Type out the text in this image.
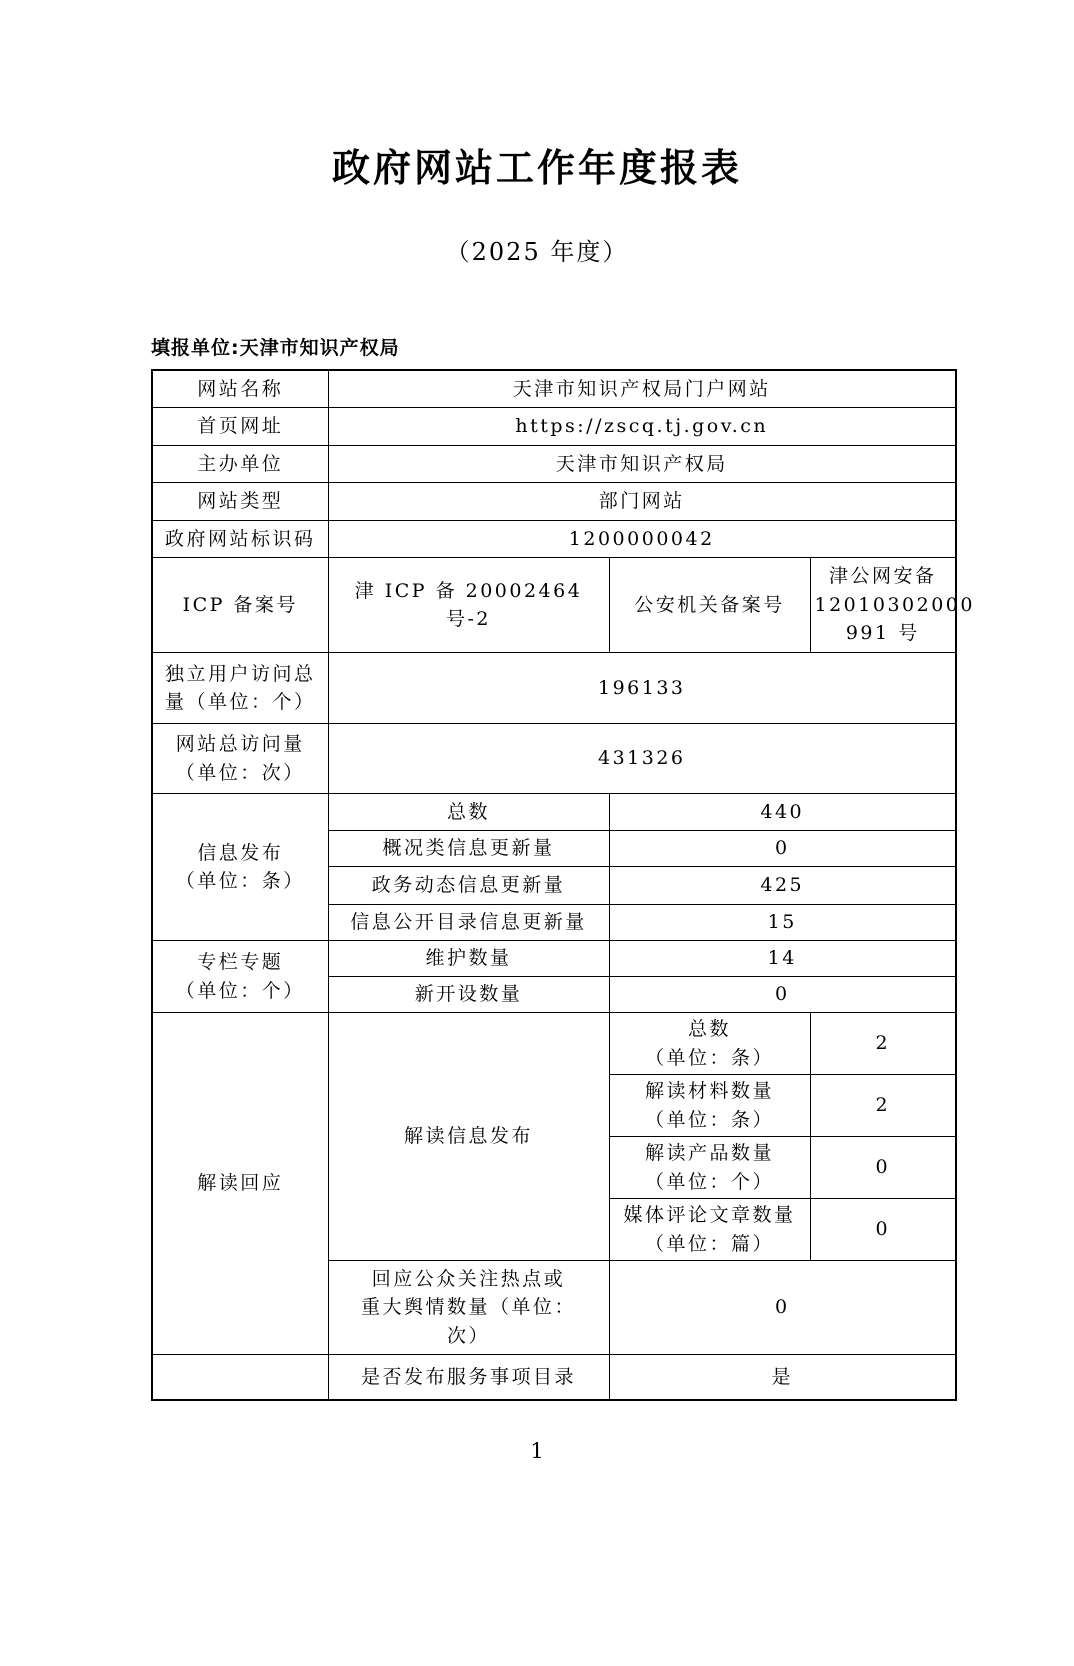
政府网站工作年度报表
（2025 年度）
填报单位:天津市知识产权局
网站名称	天津市知识产权局门户网站		
首页网址	https://zscq.tj.gov.cn		
主办单位	天津市知识产权局		
网站类型	部门网站		
政府网站标识码	1200000042		
ICP 备案号	津 ICP 备 20002464 号-2	公安机关备案号	津公网安备
12010302000
991 号
独立用户访问总
量（单位：个）	196133		
网站总访问量
（单位：次）	431326		
信息发布
（单位：条）	总数	440	
	概况类信息更新量	0	
	政务动态信息更新量	425	
	信息公开目录信息更新量	15	
专栏专题
（单位：个）	维护数量	14	
	新开设数量	0	
解读回应	解读信息发布	总数
（单位：条）	2
		解读材料数量
（单位：条）	2
		解读产品数量
（单位：个）	0
		媒体评论文章数量
（单位：篇）	0
	回应公众关注热点或
重大舆情数量（单位：
次）	0	
	是否发布服务事项目录	是	
1
